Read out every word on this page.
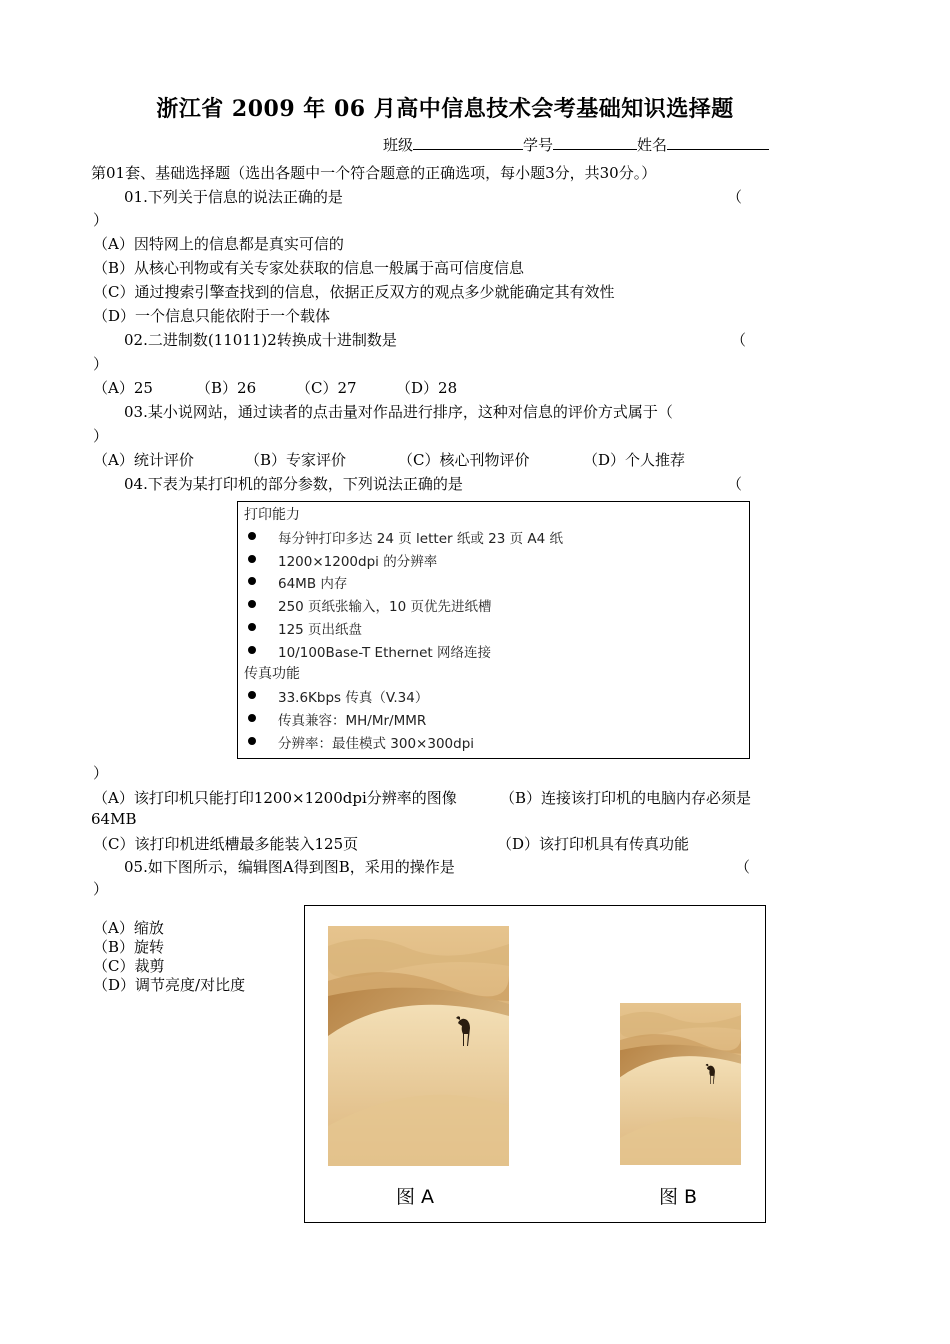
浙江省 2009 年 06 月高中信息技术会考基础知识选择题
班级	学号	姓名
第01套、基础选择题（选出各题中一个符合题意的正确选项，每小题3分，共30分。）
01.下列关于信息的说法正确的是	（
）
（A）因特网上的信息都是真实可信的
（B）从核心刊物或有关专家处获取的信息一般属于高可信度信息
（C）通过搜索引擎查找到的信息，依据正反双方的观点多少就能确定其有效性
（D）一个信息只能依附于一个载体
02.二进制数(11011)2转换成十进制数是	（
）
（A）25	（B）26	（C）27	（D）28
03.某小说网站，通过读者的点击量对作品进行排序，这种对信息的评价方式属于（
）
（A）统计评价	（B）专家评价	（C）核心刊物评价	（D）个人推荐
04.下表为某打印机的部分参数，下列说法正确的是	（
打印能力
每分钟打印多达 24 页 letter 纸或 23 页 A4 纸
1200×1200dpi 的分辨率
64MB 内存
250 页纸张输入，10 页优先进纸槽
125 页出纸盘
10/100Base-T Ethernet 网络连接
传真功能
33.6Kbps 传真（V.34）
传真兼容：MH/Mr/MMR
分辨率：最佳模式 300×300dpi
）
（A）该打印机只能打印1200×1200dpi分辨率的图像	（B）连接该打印机的电脑内存必须是
64MB
（C）该打印机进纸槽最多能装入125页	（D）该打印机具有传真功能
05.如下图所示，编辑图A得到图B，采用的操作是	（
）
（A）缩放
（B）旋转
（C）裁剪
（D）调节亮度/对比度
图 A	图 B
